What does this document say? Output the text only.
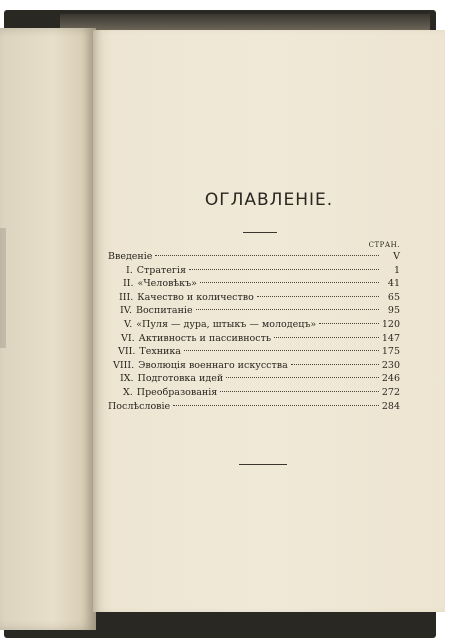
ОГЛАВЛЕНIЕ.
СТРАН.
Введенiе	V
I. Стратегiя	1
II. «Человѣкъ»	41
III. Качество и количество	65
IV. Воспитанiе	95
V. «Пуля — дура, штыкъ — молодецъ»	120
VI. Активность и пассивность	147
VII. Техника	175
VIII. Эволюцiя военнаго искусства	230
IX. Подготовка идей	246
X. Преобразованiя	272
Послѣсловiе	284
